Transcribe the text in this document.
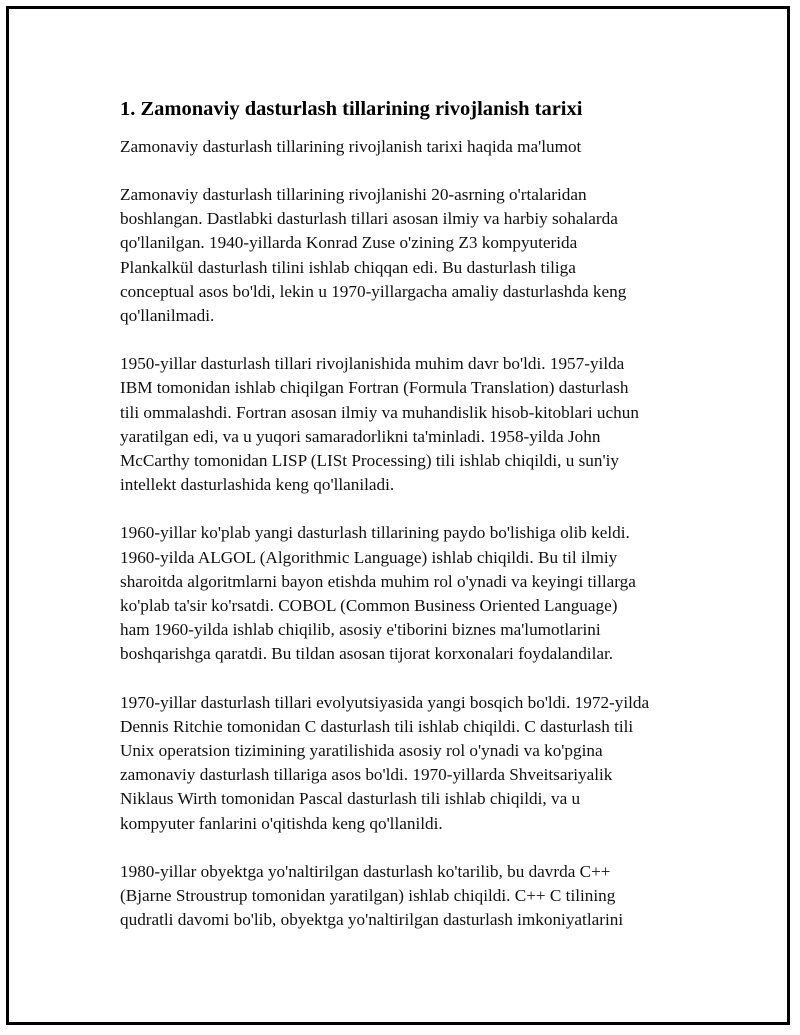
1. Zamonaviy dasturlash tillarining rivojlanish tarixi

Zamonaviy dasturlash tillarining rivojlanish tarixi haqida ma'lumot

Zamonaviy dasturlash tillarining rivojlanishi 20-asrning o'rtalaridan
boshlangan. Dastlabki dasturlash tillari asosan ilmiy va harbiy sohalarda
qo'llanilgan. 1940-yillarda Konrad Zuse o'zining Z3 kompyuterida
Plankalkül dasturlash tilini ishlab chiqqan edi. Bu dasturlash tiliga
conceptual asos bo'ldi, lekin u 1970-yillargacha amaliy dasturlashda keng
qo'llanilmadi.

1950-yillar dasturlash tillari rivojlanishida muhim davr bo'ldi. 1957-yilda
IBM tomonidan ishlab chiqilgan Fortran (Formula Translation) dasturlash
tili ommalashdi. Fortran asosan ilmiy va muhandislik hisob-kitoblari uchun
yaratilgan edi, va u yuqori samaradorlikni ta'minladi. 1958-yilda John
McCarthy tomonidan LISP (LISt Processing) tili ishlab chiqildi, u sun'iy
intellekt dasturlashida keng qo'llaniladi.

1960-yillar ko'plab yangi dasturlash tillarining paydo bo'lishiga olib keldi.
1960-yilda ALGOL (Algorithmic Language) ishlab chiqildi. Bu til ilmiy
sharoitda algoritmlarni bayon etishda muhim rol o'ynadi va keyingi tillarga
ko'plab ta'sir ko'rsatdi. COBOL (Common Business Oriented Language)
ham 1960-yilda ishlab chiqilib, asosiy e'tiborini biznes ma'lumotlarini
boshqarishga qaratdi. Bu tildan asosan tijorat korxonalari foydalandilar.

1970-yillar dasturlash tillari evolyutsiyasida yangi bosqich bo'ldi. 1972-yilda
Dennis Ritchie tomonidan C dasturlash tili ishlab chiqildi. C dasturlash tili
Unix operatsion tizimining yaratilishida asosiy rol o'ynadi va ko'pgina
zamonaviy dasturlash tillariga asos bo'ldi. 1970-yillarda Shveitsariyalik
Niklaus Wirth tomonidan Pascal dasturlash tili ishlab chiqildi, va u
kompyuter fanlarini o'qitishda keng qo'llanildi.

1980-yillar obyektga yo'naltirilgan dasturlash ko'tarilib, bu davrda C++
(Bjarne Stroustrup tomonidan yaratilgan) ishlab chiqildi. C++ C tilining
qudratli davomi bo'lib, obyektga yo'naltirilgan dasturlash imkoniyatlarini
